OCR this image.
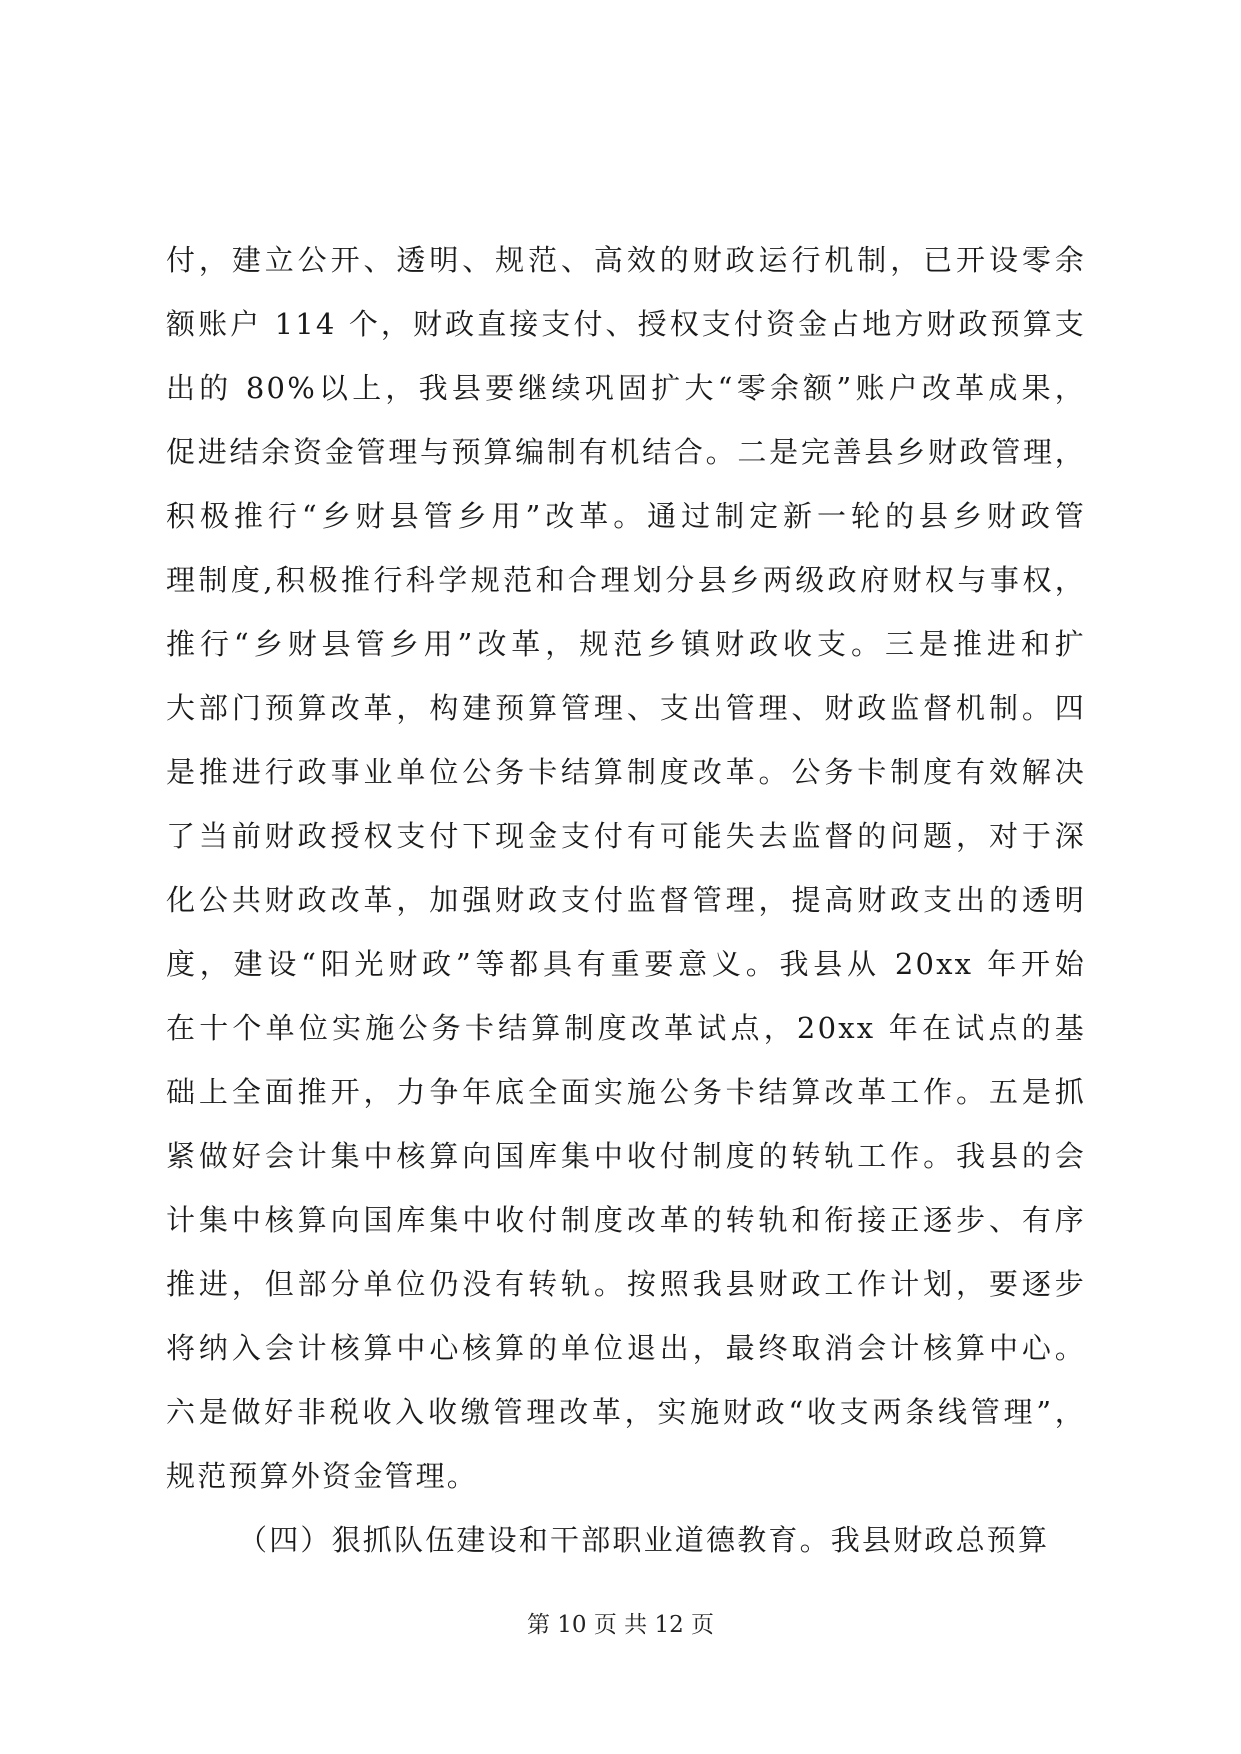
付，建立公开、透明、规范、高效的财政运行机制，已开设零余
额账户 114 个，财政直接支付、授权支付资金占地方财政预算支
出的 80%以上，我县要继续巩固扩大“零余额”账户改革成果，
促进结余资金管理与预算编制有机结合。二是完善县乡财政管理，
积极推行“乡财县管乡用”改革。通过制定新一轮的县乡财政管
理制度,积极推行科学规范和合理划分县乡两级政府财权与事权，
推行“乡财县管乡用”改革，规范乡镇财政收支。三是推进和扩
大部门预算改革，构建预算管理、支出管理、财政监督机制。四
是推进行政事业单位公务卡结算制度改革。公务卡制度有效解决
了当前财政授权支付下现金支付有可能失去监督的问题，对于深
化公共财政改革，加强财政支付监督管理，提高财政支出的透明
度，建设“阳光财政”等都具有重要意义。我县从 20xx 年开始
在十个单位实施公务卡结算制度改革试点，20xx 年在试点的基
础上全面推开，力争年底全面实施公务卡结算改革工作。五是抓
紧做好会计集中核算向国库集中收付制度的转轨工作。我县的会
计集中核算向国库集中收付制度改革的转轨和衔接正逐步、有序
推进，但部分单位仍没有转轨。按照我县财政工作计划，要逐步
将纳入会计核算中心核算的单位退出，最终取消会计核算中心。
六是做好非税收入收缴管理改革，实施财政“收支两条线管理”，
规范预算外资金管理。
（四）狠抓队伍建设和干部职业道德教育。我县财政总预算
第 10 页 共 12 页
